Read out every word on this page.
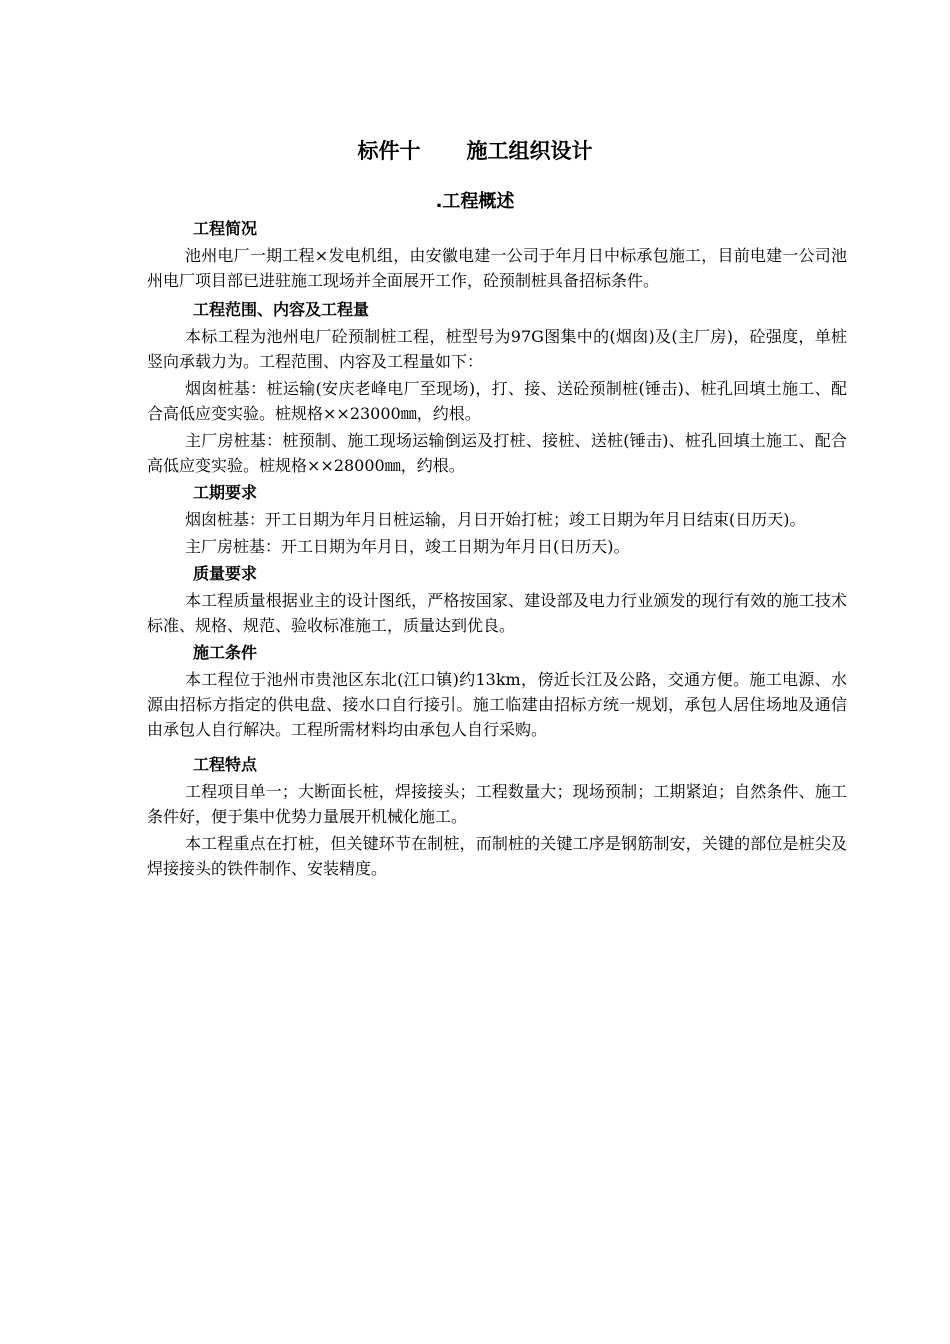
标件十 施工组织设计
.工程概述
工程简况

池州电厂一期工程×发电机组，由安徽电建一公司于年月日中标承包施工，目前电建一公司池州电厂项目部已进驻施工现场并全面展开工作，砼预制桩具备招标条件。

工程范围、内容及工程量

本标工程为池州电厂砼预制桩工程，桩型号为97G图集中的(烟囱)及(主厂房)，砼强度，单桩竖向承载力为。工程范围、内容及工程量如下：

烟囱桩基：桩运输(安庆老峰电厂至现场)，打、接、送砼预制桩(锤击)、桩孔回填土施工、配合高低应变实验。桩规格××23000㎜，约根。

主厂房桩基：桩预制、施工现场运输倒运及打桩、接桩、送桩(锤击)、桩孔回填土施工、配合高低应变实验。桩规格××28000㎜，约根。

工期要求

烟囱桩基：开工日期为年月日桩运输，月日开始打桩；竣工日期为年月日结束(日历天)。

主厂房桩基：开工日期为年月日，竣工日期为年月日(日历天)。

质量要求

本工程质量根据业主的设计图纸，严格按国家、建设部及电力行业颁发的现行有效的施工技术标准、规格、规范、验收标准施工，质量达到优良。

施工条件

本工程位于池州市贵池区东北(江口镇)约13km，傍近长江及公路，交通方便。施工电源、水源由招标方指定的供电盘、接水口自行接引。施工临建由招标方统一规划，承包人居住场地及通信由承包人自行解决。工程所需材料均由承包人自行采购。

工程特点

工程项目单一；大断面长桩，焊接接头；工程数量大；现场预制；工期紧迫；自然条件、施工条件好，便于集中优势力量展开机械化施工。

本工程重点在打桩，但关键环节在制桩，而制桩的关键工序是钢筋制安，关键的部位是桩尖及焊接接头的铁件制作、安装精度。
